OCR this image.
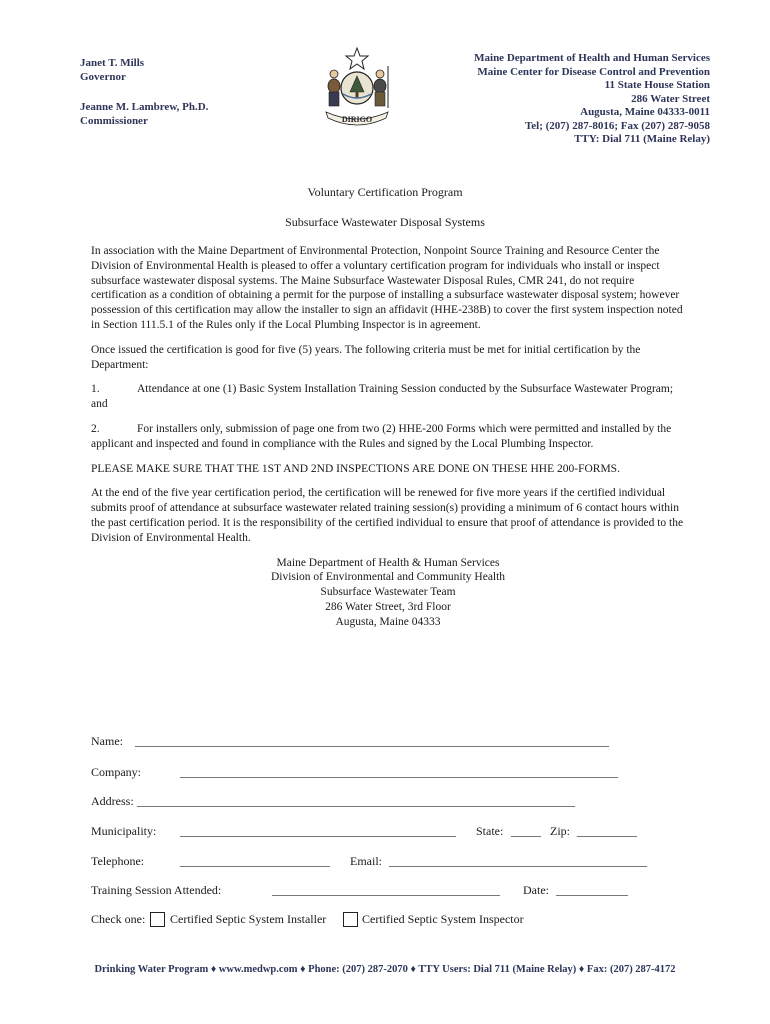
Janet T. Mills
Governor
Jeanne M. Lambrew, Ph.D.
Commissioner	DIRIGO
Maine Department of Health and Human Services
Maine Center for Disease Control and Prevention
11 State House Station
286 Water Street
Augusta, Maine 04333-0011
Tel; (207) 287-8016; Fax (207) 287-9058
TTY: Dial 711 (Maine Relay)
Voluntary Certification Program
Subsurface Wastewater Disposal Systems

In association with the Maine Department of Environmental Protection, Nonpoint Source Training and Resource Center the Division of Environmental Health is pleased to offer a voluntary certification program for individuals who install or inspect subsurface wastewater disposal systems. The Maine Subsurface Wastewater Disposal Rules, CMR 241, do not require certification as a condition of obtaining a permit for the purpose of installing a subsurface wastewater disposal system; however possession of this certification may allow the installer to sign an affidavit (HHE-238B) to cover the first system inspection noted in Section 111.5.1 of the Rules only if the Local Plumbing Inspector is in agreement.

Once issued the certification is good for five (5) years. The following criteria must be met for initial certification by the Department:

1.	Attendance at one (1) Basic System Installation Training Session conducted by the Subsurface Wastewater Program; and

2.	For installers only, submission of page one from two (2) HHE-200 Forms which were permitted and installed by the applicant and inspected and found in compliance with the Rules and signed by the Local Plumbing Inspector.

PLEASE MAKE SURE THAT THE 1ST AND 2ND INSPECTIONS ARE DONE ON THESE HHE 200-FORMS.

At the end of the five year certification period, the certification will be renewed for five more years if the certified individual submits proof of attendance at subsurface wastewater related training session(s) providing a minimum of 6 contact hours within the past certification period. It is the responsibility of the certified individual to ensure that proof of attendance is provided to the Division of Environmental Health.

Maine Department of Health & Human Services
Division of Environmental and Community Health
Subsurface Wastewater Team
286 Water Street, 3rd Floor
Augusta, Maine 04333
Name: _______________________________________________________________________________
Company:	_________________________________________________________________________
Address: _________________________________________________________________________
Municipality: ______________________________________________ State: _____ Zip: __________
Telephone:	_________________________ Email: ___________________________________________
Training Session Attended:	______________________________________ Date: ____________
Check one: Certified Septic System Installer	Certified Septic System Inspector
Drinking Water Program ♦ www.medwp.com ♦ Phone: (207) 287-2070 ♦ TTY Users: Dial 711 (Maine Relay) ♦ Fax: (207) 287-4172
